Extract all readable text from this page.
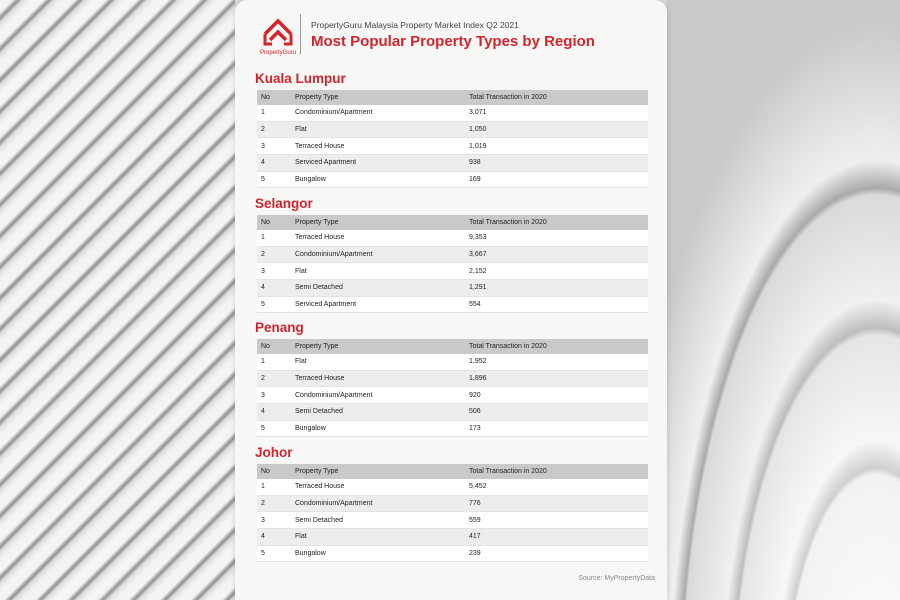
PropertyGuru
PropertyGuru Malaysia Property Market Index Q2 2021
Most Popular Property Types by Region
Kuala Lumpur
No	Property Type	Total Transaction in 2020
1	Condominium/Apartment	3,071
2	Flat	1,050
3	Terraced House	1,019
4	Serviced Apartment	938
5	Bungalow	169
Selangor
No	Property Type	Total Transaction in 2020
1	Terraced House	9,353
2	Condominium/Apartment	3,667
3	Flat	2,152
4	Semi Detached	1,291
5	Serviced Apartment	554
Penang
No	Property Type	Total Transaction in 2020
1	Flat	1,952
2	Terraced House	1,896
3	Condominium/Apartment	920
4	Semi Detached	506
5	Bungalow	173
Johor
No	Property Type	Total Transaction in 2020
1	Terraced House	5,452
2	Condominium/Apartment	776
3	Semi Detached	559
4	Flat	417
5	Bungalow	239
Source: MyPropertyData
